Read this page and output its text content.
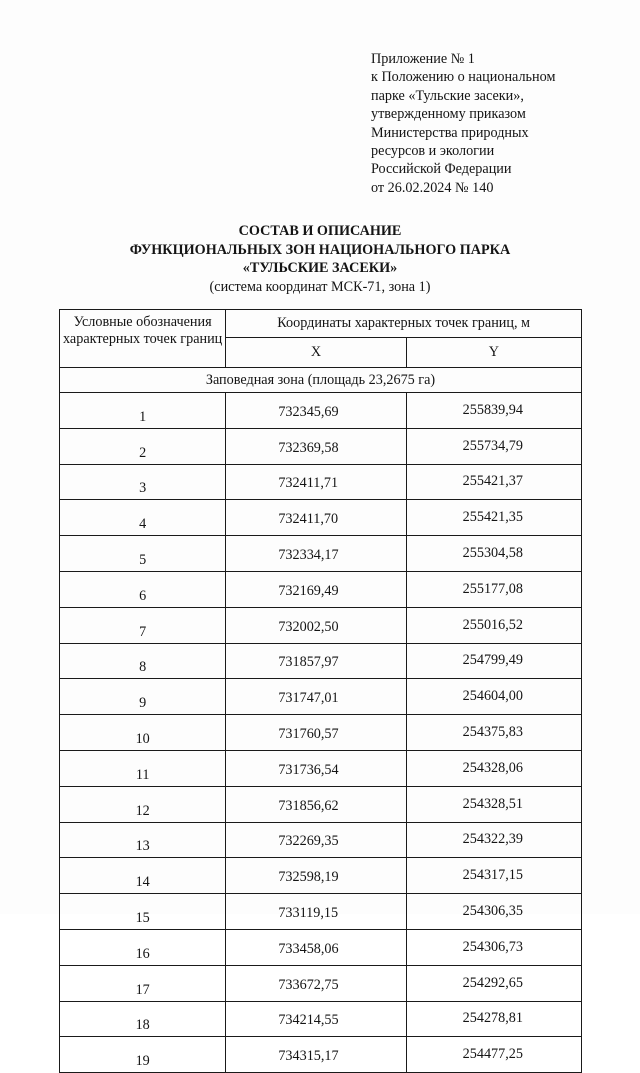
Приложение № 1
к Положению о национальном
парке «Тульские засеки»,
утвержденному приказом
Министерства природных
ресурсов и экологии
Российской Федерации
от 26.02.2024 № 140
СОСТАВ И ОПИСАНИЕ
ФУНКЦИОНАЛЬНЫХ ЗОН НАЦИОНАЛЬНОГО ПАРКА
«ТУЛЬСКИЕ ЗАСЕКИ»
(система координат МСК-71, зона 1)
Условные обозначения характерных точек границ	Координаты характерных точек границ, м	
	X	Y
Заповедная зона (площадь 23,2675 га)		
1	732345,69	255839,94
2	732369,58	255734,79
3	732411,71	255421,37
4	732411,70	255421,35
5	732334,17	255304,58
6	732169,49	255177,08
7	732002,50	255016,52
8	731857,97	254799,49
9	731747,01	254604,00
10	731760,57	254375,83
11	731736,54	254328,06
12	731856,62	254328,51
13	732269,35	254322,39
14	732598,19	254317,15
15	733119,15	254306,35
16	733458,06	254306,73
17	733672,75	254292,65
18	734214,55	254278,81
19	734315,17	254477,25
